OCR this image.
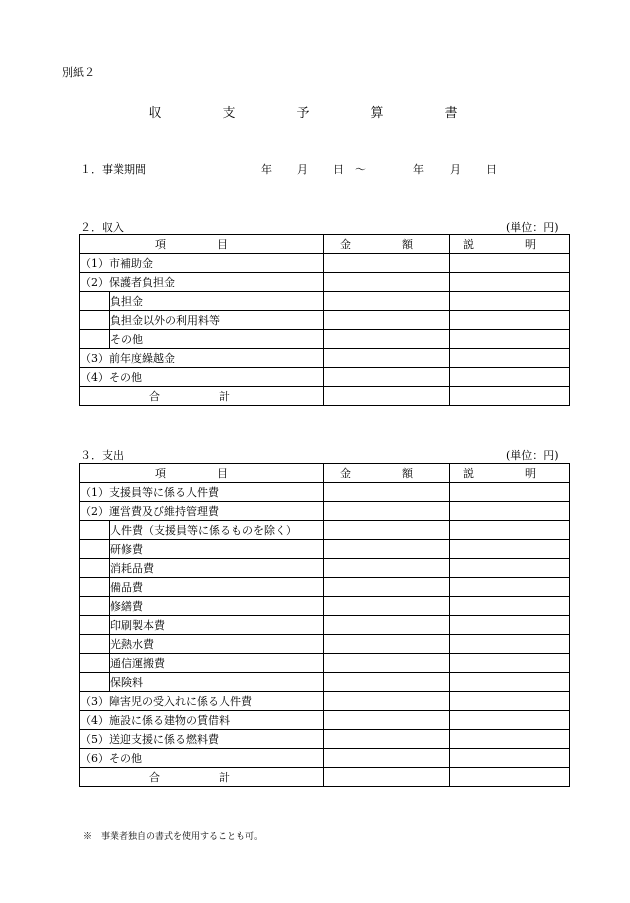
別紙２
収　支　予　算　書
１．事業期間	年 月 日 〜	年 月 日
２．収入	(単位：円)
項　目		金　額	説　明
（1）市補助金			
（2）保護者負担金			
	負担金		
	負担金以外の利用料等		
	その他		
（3）前年度繰越金			
（4）その他			
合　計			
３．支出	(単位：円)
項　目		金　額	説　明
（1）支援員等に係る人件費			
（2）運営費及び維持管理費			
	人件費（支援員等に係るものを除く）		
	研修費		
	消耗品費		
	備品費		
	修繕費		
	印刷製本費		
	光熱水費		
	通信運搬費		
	保険料		
（3）障害児の受入れに係る人件費			
（4）施設に係る建物の賃借料			
（5）送迎支援に係る燃料費			
（6）その他			
合　計			
※　事業者独自の書式を使用することも可。
